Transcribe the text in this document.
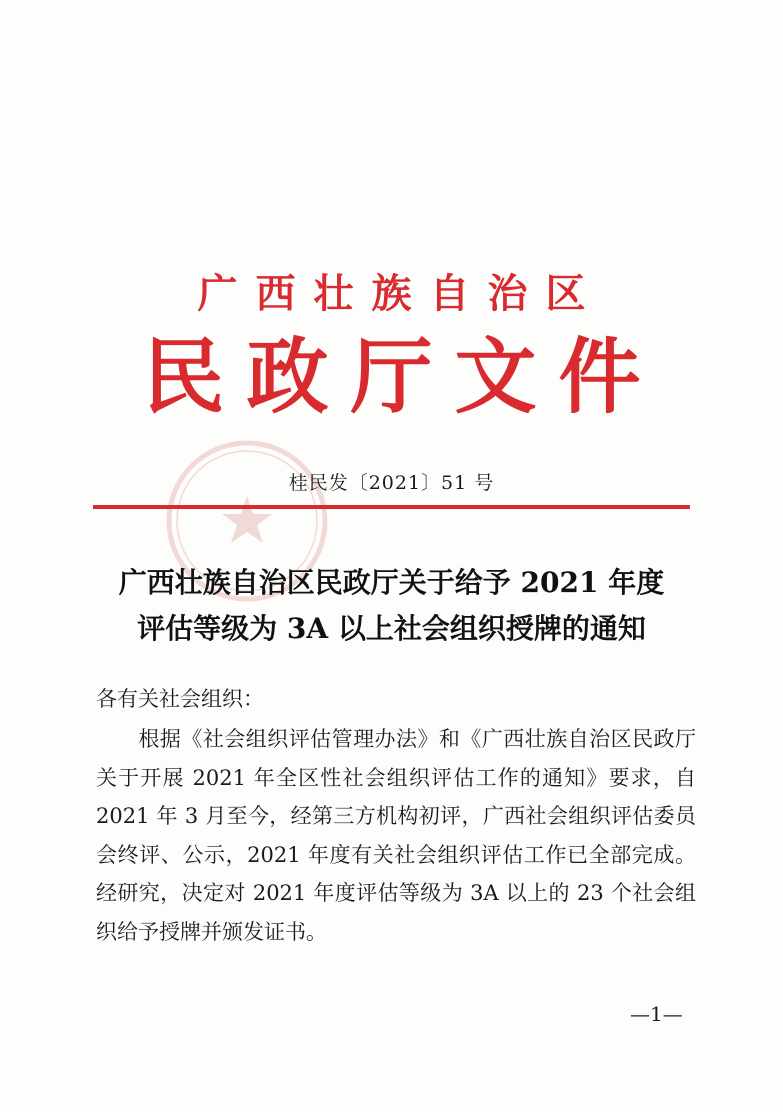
广西壮族自治区
民政厅文件
桂民发〔2021〕51 号
广西壮族自治区民政厅关于给予 2021 年度
评估等级为 3A 以上社会组织授牌的通知
各有关社会组织：
根据《社会组织评估管理办法》和《广西壮族自治区民政厅关于开展 2021 年全区性社会组织评估工作的通知》要求，自 2021 年 3 月至今，经第三方机构初评，广西社会组织评估委员会终评、公示，2021 年度有关社会组织评估工作已全部完成。经研究，决定对 2021 年度评估等级为 3A 以上的 23 个社会组织给予授牌并颁发证书。
—1—
